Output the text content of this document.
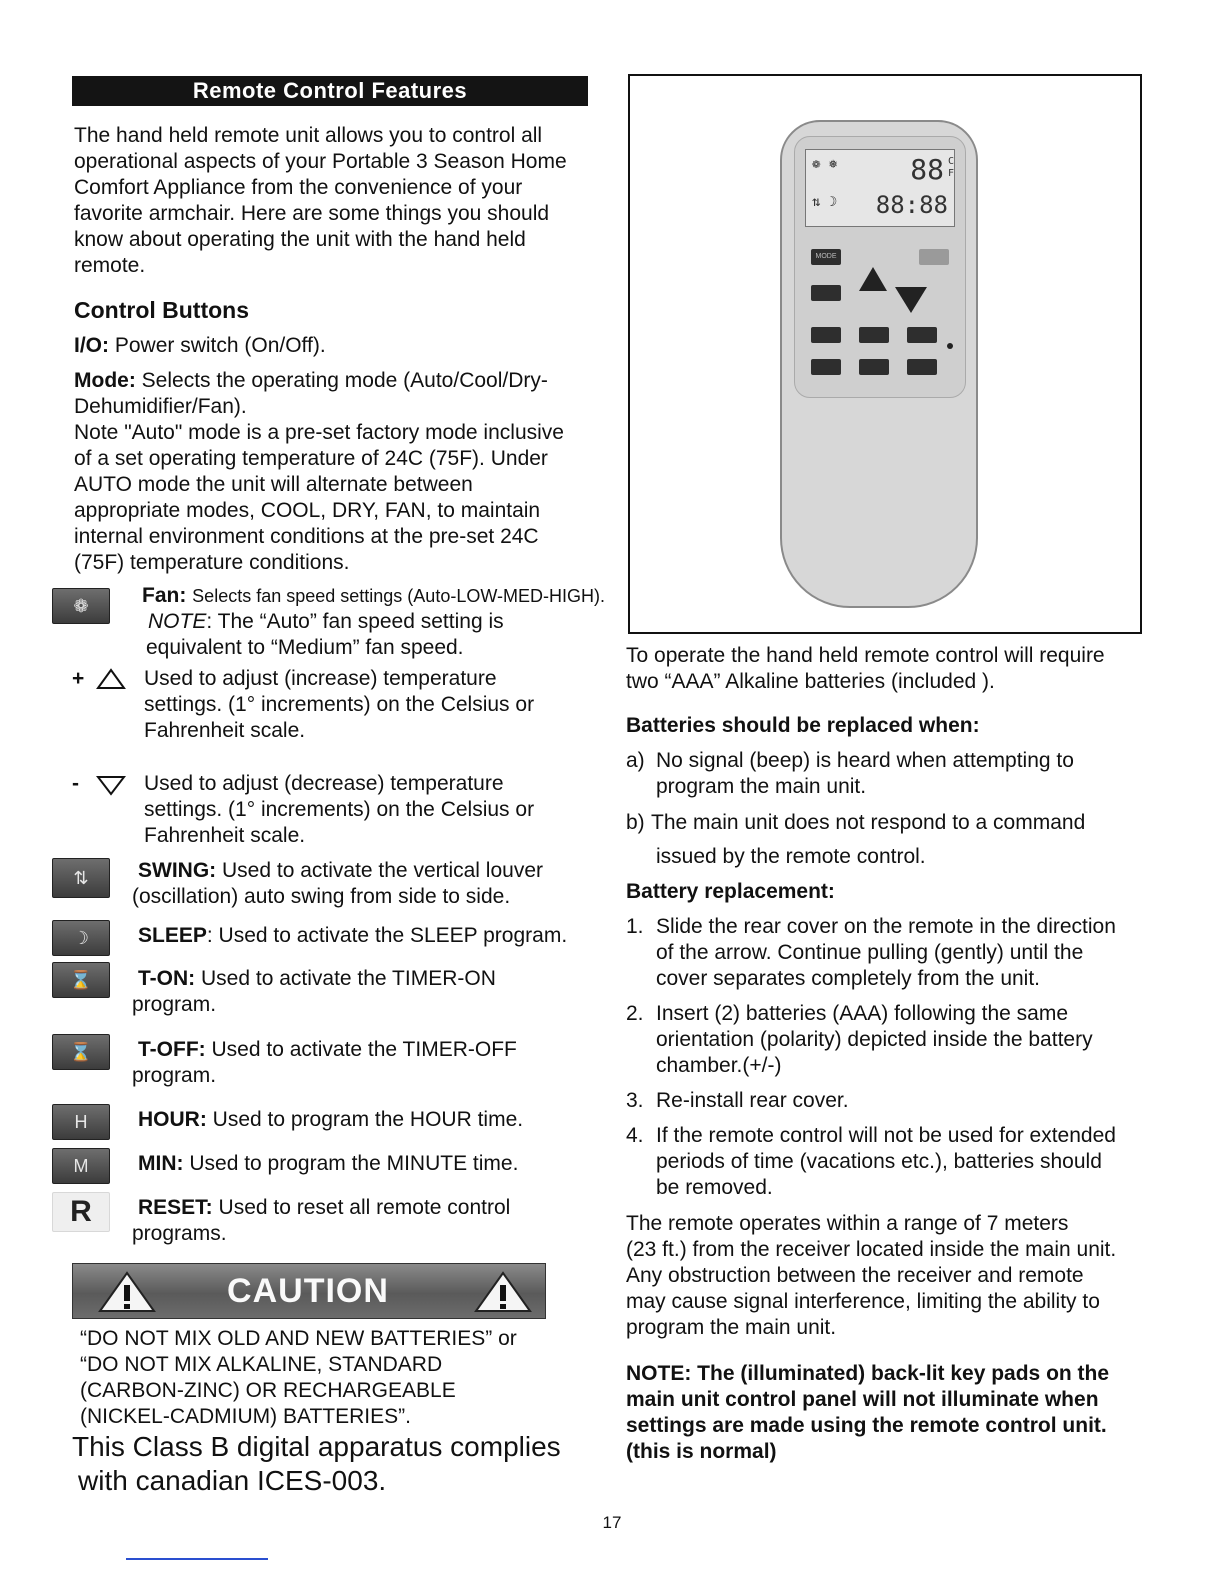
Remote Control Features
The hand held remote unit allows you to control all
operational aspects of your Portable 3 Season Home
Comfort Appliance from the convenience of your
favorite armchair. Here are some things you should
know about operating the unit with the hand held
remote.
Control Buttons
I/O: Power switch (On/Off).
Mode: Selects the operating mode (Auto/Cool/Dry-
Dehumidifier/Fan).
Note "Auto" mode is a pre-set factory mode inclusive
of a set operating temperature of 24C (75F). Under
AUTO mode the unit will alternate between
appropriate modes, COOL, DRY, FAN, to maintain
internal environment conditions at the pre-set 24C
(75F) temperature conditions.
❁	Fan: Selects fan speed settings (Auto-LOW-MED-HIGH).
NOTE: The “Auto” fan speed setting is
equivalent to “Medium” fan speed.
+	Used to adjust (increase) temperature
settings. (1° increments) on the Celsius or
Fahrenheit scale.
-	Used to adjust (decrease) temperature
settings. (1° increments) on the Celsius or
Fahrenheit scale.
⇅	SWING: Used to activate the vertical louver
(oscillation) auto swing from side to side.
☽	SLEEP: Used to activate the SLEEP program.
⌛	T-ON: Used to activate the TIMER-ON
program.
⌛	T-OFF: Used to activate the TIMER-OFF
program.
H	HOUR: Used to program the HOUR time.
M	MIN: Used to program the MINUTE time.
R	RESET: Used to reset all remote control
programs.
CAUTION
“DO NOT MIX OLD AND NEW BATTERIES” or
“DO NOT MIX ALKALINE, STANDARD
(CARBON-ZINC) OR RECHARGEABLE
(NICKEL-CADMIUM) BATTERIES”.
This Class B digital apparatus complies
with canadian ICES-003.
❁ ❅
⇅ ☽
88 C
F
88:88
MODE
To operate the hand held remote control will require
two “AAA” Alkaline batteries (included ).
Batteries should be replaced when:
a) No signal (beep) is heard when attempting to
program the main unit.
b) The main unit does not respond to a command
issued by the remote control.
Battery replacement:
1. Slide the rear cover on the remote in the direction
of the arrow. Continue pulling (gently) until the
cover separates completely from the unit.
2. Insert (2) batteries (AAA) following the same
orientation (polarity) depicted inside the battery
chamber.(+/-)
3. Re-install rear cover.
4. If the remote control will not be used for extended
periods of time (vacations etc.), batteries should
be removed.
The remote operates within a range of 7 meters
(23 ft.) from the receiver located inside the main unit.
Any obstruction between the receiver and remote
may cause signal interference, limiting the ability to
program the main unit.
NOTE: The (illuminated) back-lit key pads on the
main unit control panel will not illuminate when
settings are made using the remote control unit.
(this is normal)
17
